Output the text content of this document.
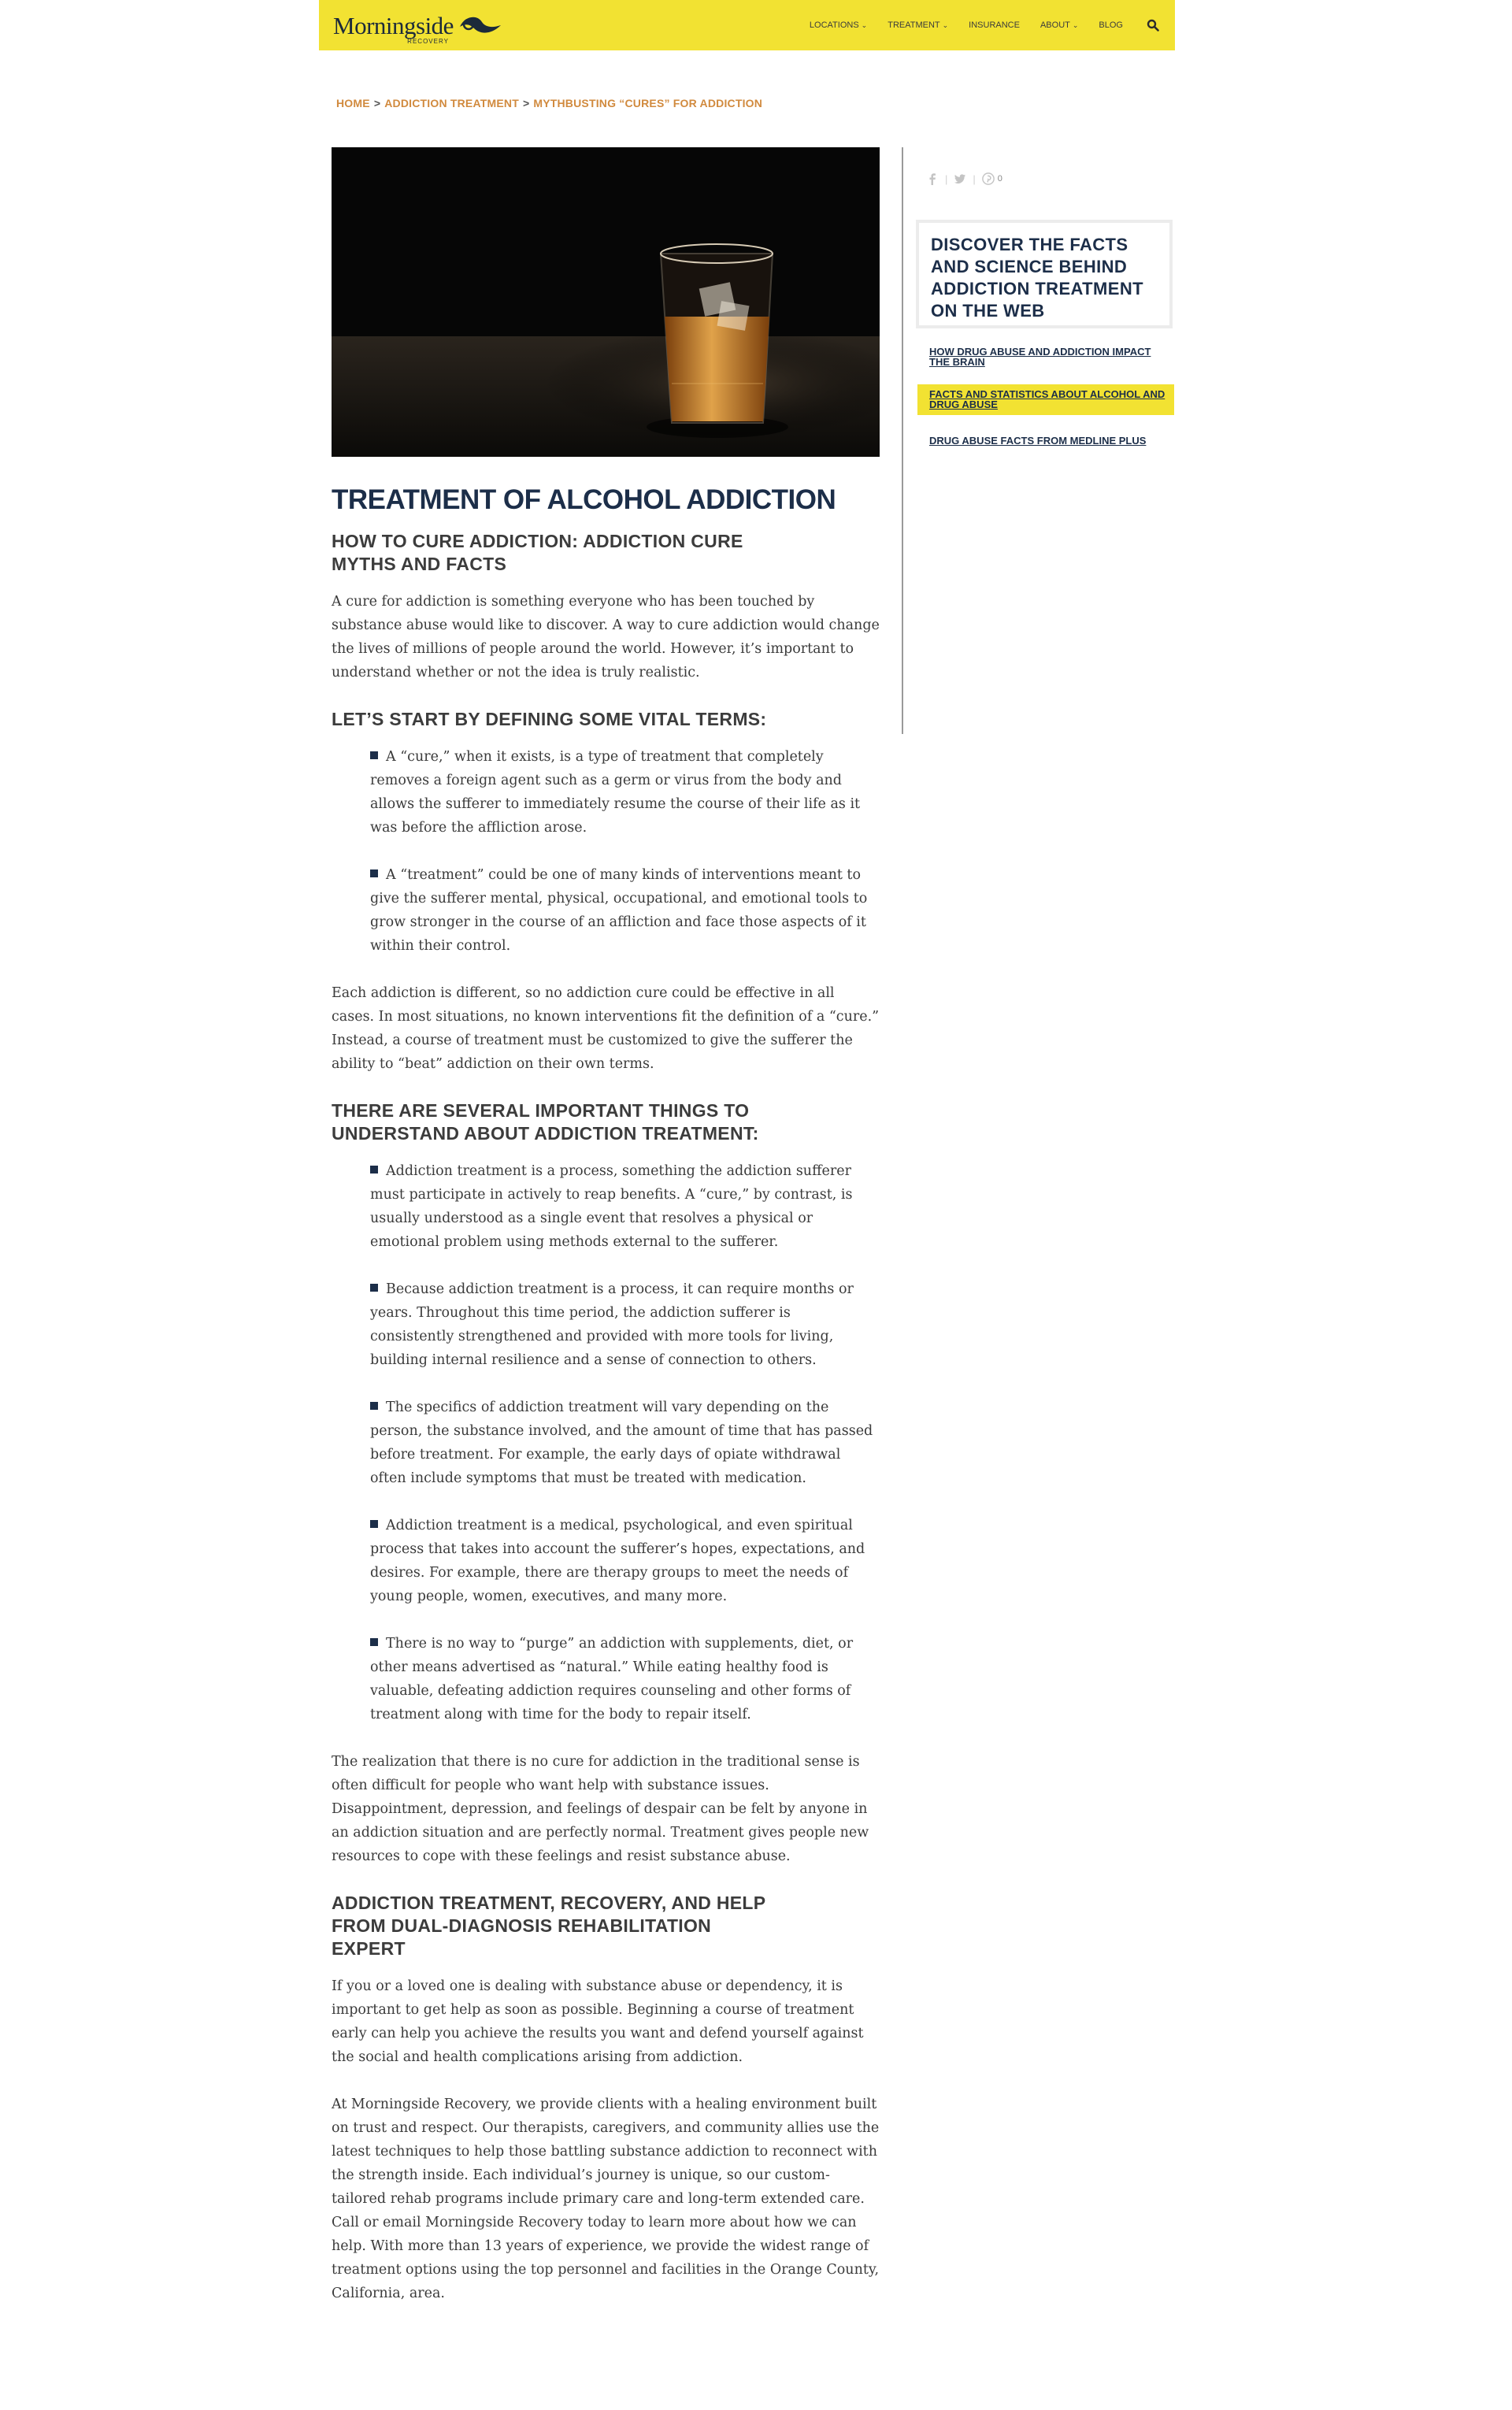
Morningside
RECOVERY
LOCATIONS ⌄ TREATMENT ⌄ INSURANCE ABOUT ⌄ BLOG
HOME > ADDICTION TREATMENT > MYTHBUSTING “CURES” FOR ADDICTION
TREATMENT OF ALCOHOL ADDICTION
HOW TO CURE ADDICTION: ADDICTION CURE MYTHS AND FACTS

A cure for addiction is something everyone who has been touched by substance abuse would like to discover. A way to cure addiction would change the lives of millions of people around the world. However, it’s important to understand whether or not the idea is truly realistic.

LET’S START BY DEFINING SOME VITAL TERMS:
A “cure,” when it exists, is a type of treatment that completely removes a foreign agent such as a germ or virus from the body and allows the sufferer to immediately resume the course of their life as it was before the affliction arose.
A “treatment” could be one of many kinds of interventions meant to give the sufferer mental, physical, occupational, and emotional tools to grow stronger in the course of an affliction and face those aspects of it within their control.

Each addiction is different, so no addiction cure could be effective in all cases. In most situations, no known interventions fit the definition of a “cure.” Instead, a course of treatment must be customized to give the sufferer the ability to “beat” addiction on their own terms.

THERE ARE SEVERAL IMPORTANT THINGS TO UNDERSTAND ABOUT ADDICTION TREATMENT:
Addiction treatment is a process, something the addiction sufferer must participate in actively to reap benefits. A “cure,” by contrast, is usually understood as a single event that resolves a physical or emotional problem using methods external to the sufferer.
Because addiction treatment is a process, it can require months or years. Throughout this time period, the addiction sufferer is consistently strengthened and provided with more tools for living, building internal resilience and a sense of connection to others.
The specifics of addiction treatment will vary depending on the person, the substance involved, and the amount of time that has passed before treatment. For example, the early days of opiate withdrawal often include symptoms that must be treated with medication.
Addiction treatment is a medical, psychological, and even spiritual process that takes into account the sufferer’s hopes, expectations, and desires. For example, there are therapy groups to meet the needs of young people, women, executives, and many more.
There is no way to “purge” an addiction with supplements, diet, or other means advertised as “natural.” While eating healthy food is valuable, defeating addiction requires counseling and other forms of treatment along with time for the body to repair itself.

The realization that there is no cure for addiction in the traditional sense is often difficult for people who want help with substance issues. Disappointment, depression, and feelings of despair can be felt by anyone in an addiction situation and are perfectly normal. Treatment gives people new resources to cope with these feelings and resist substance abuse.

ADDICTION TREATMENT, RECOVERY, AND HELP FROM DUAL-DIAGNOSIS REHABILITATION EXPERT

If you or a loved one is dealing with substance abuse or dependency, it is important to get help as soon as possible. Beginning a course of treatment early can help you achieve the results you want and defend yourself against the social and health complications arising from addiction.

At Morningside Recovery, we provide clients with a healing environment built on trust and respect. Our therapists, caregivers, and community allies use the latest techniques to help those battling substance addiction to reconnect with the strength inside. Each individual’s journey is unique, so our custom-tailored rehab programs include primary care and long-term extended care. Call or email Morningside Recovery today to learn more about how we can help. With more than 13 years of experience, we provide the widest range of treatment options using the top personnel and facilities in the Orange County, California, area.

| |	0
DISCOVER THE FACTS AND SCIENCE BEHIND ADDICTION TREATMENT ON THE WEB
HOW DRUG ABUSE AND ADDICTION IMPACT THE BRAIN
FACTS AND STATISTICS ABOUT ALCOHOL AND DRUG ABUSE
DRUG ABUSE FACTS FROM MEDLINE PLUS
